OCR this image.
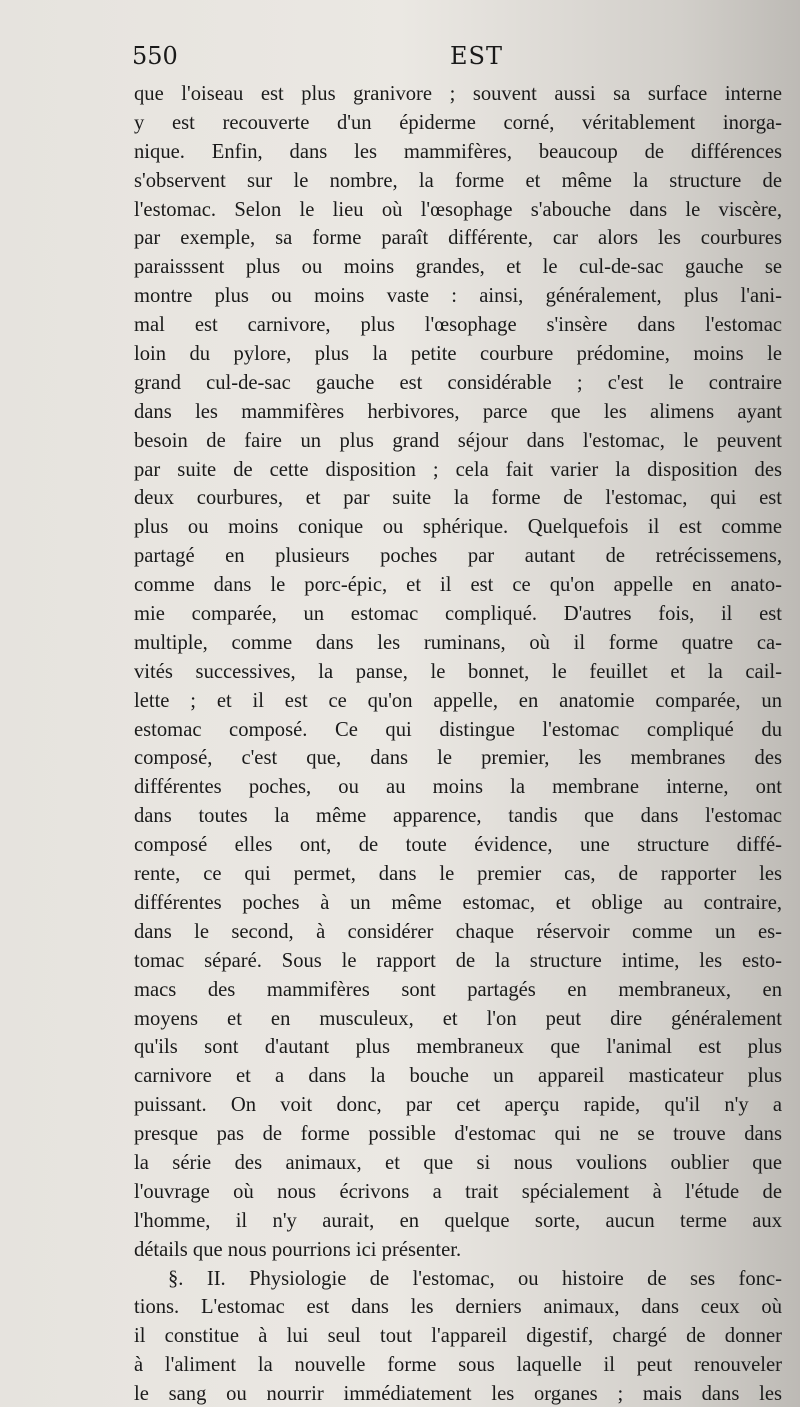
550	EST
que l'oiseau est plus granivore ; souvent aussi sa surface interne
y est recouverte d'un épiderme corné, véritablement inorga-
nique. Enfin, dans les mammifères, beaucoup de différences
s'observent sur le nombre, la forme et même la structure de
l'estomac. Selon le lieu où l'œsophage s'abouche dans le viscère,
par exemple, sa forme paraît différente, car alors les courbures
paraisssent plus ou moins grandes, et le cul-de-sac gauche se
montre plus ou moins vaste : ainsi, généralement, plus l'ani-
mal est carnivore, plus l'œsophage s'insère dans l'estomac
loin du pylore, plus la petite courbure prédomine, moins le
grand cul-de-sac gauche est considérable ; c'est le contraire
dans les mammifères herbivores, parce que les alimens ayant
besoin de faire un plus grand séjour dans l'estomac, le peuvent
par suite de cette disposition ; cela fait varier la disposition des
deux courbures, et par suite la forme de l'estomac, qui est
plus ou moins conique ou sphérique. Quelquefois il est comme
partagé en plusieurs poches par autant de retrécissemens,
comme dans le porc-épic, et il est ce qu'on appelle en anato-
mie comparée, un estomac compliqué. D'autres fois, il est
multiple, comme dans les ruminans, où il forme quatre ca-
vités successives, la panse, le bonnet, le feuillet et la cail-
lette ; et il est ce qu'on appelle, en anatomie comparée, un
estomac composé. Ce qui distingue l'estomac compliqué du
composé, c'est que, dans le premier, les membranes des
différentes poches, ou au moins la membrane interne, ont
dans toutes la même apparence, tandis que dans l'estomac
composé elles ont, de toute évidence, une structure diffé-
rente, ce qui permet, dans le premier cas, de rapporter les
différentes poches à un même estomac, et oblige au contraire,
dans le second, à considérer chaque réservoir comme un es-
tomac séparé. Sous le rapport de la structure intime, les esto-
macs des mammifères sont partagés en membraneux, en
moyens et en musculeux, et l'on peut dire généralement
qu'ils sont d'autant plus membraneux que l'animal est plus
carnivore et a dans la bouche un appareil masticateur plus
puissant. On voit donc, par cet aperçu rapide, qu'il n'y a
presque pas de forme possible d'estomac qui ne se trouve dans
la série des animaux, et que si nous voulions oublier que
l'ouvrage où nous écrivons a trait spécialement à l'étude de
l'homme, il n'y aurait, en quelque sorte, aucun terme aux
détails que nous pourrions ici présenter.
§. II. Physiologie de l'estomac, ou histoire de ses fonc-
tions. L'estomac est dans les derniers animaux, dans ceux où
il constitue à lui seul tout l'appareil digestif, chargé de donner
à l'aliment la nouvelle forme sous laquelle il peut renouveler
le sang ou nourrir immédiatement les organes ; mais dans les
